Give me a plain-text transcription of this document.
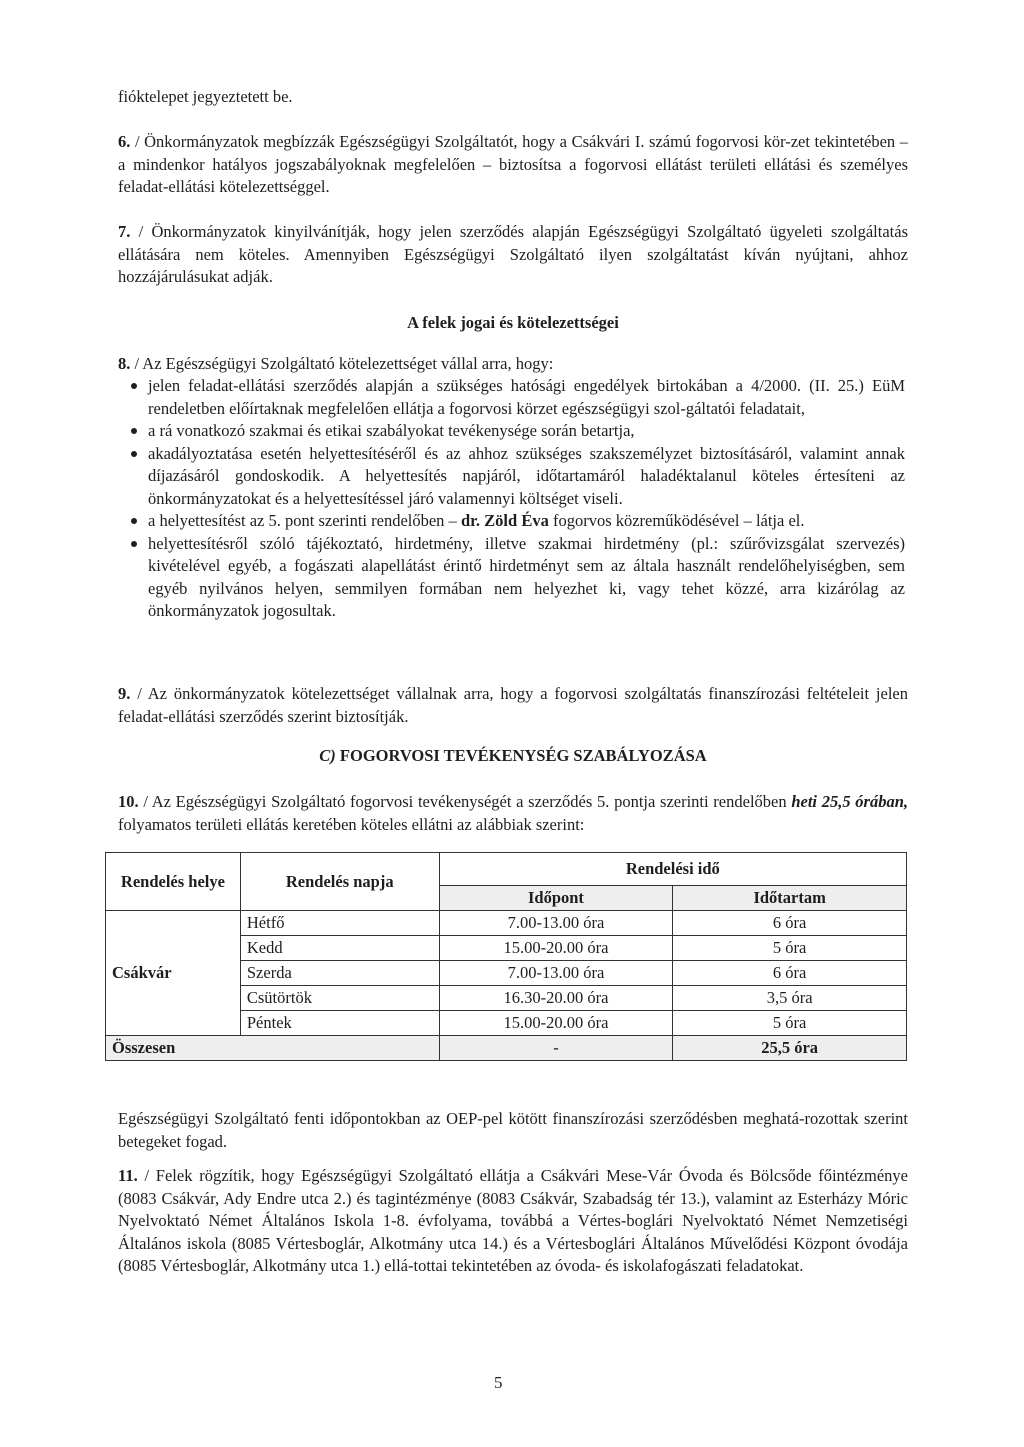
fióktelepet jegyeztetett be.

6. / Önkormányzatok megbízzák Egészségügyi Szolgáltatót, hogy a Csákvári I. számú fogorvosi kör-zet tekintetében – a mindenkor hatályos jogszabályoknak megfelelően – biztosítsa a fogorvosi ellátást területi ellátási és személyes feladat-ellátási kötelezettséggel.

7. / Önkormányzatok kinyilvánítják, hogy jelen szerződés alapján Egészségügyi Szolgáltató ügyeleti szolgáltatás ellátására nem köteles. Amennyiben Egészségügyi Szolgáltató ilyen szolgáltatást kíván nyújtani, ahhoz hozzájárulásukat adják.

A felek jogai és kötelezettségei

8. / Az Egészségügyi Szolgáltató kötelezettséget vállal arra, hogy:

jelen feladat-ellátási szerződés alapján a szükséges hatósági engedélyek birtokában a 4/2000. (II. 25.) EüM rendeletben előírtaknak megfelelően ellátja a fogorvosi körzet egészségügyi szol-gáltatói feladatait,
a rá vonatkozó szakmai és etikai szabályokat tevékenysége során betartja,
akadályoztatása esetén helyettesítéséről és az ahhoz szükséges szakszemélyzet biztosításáról, valamint annak díjazásáról gondoskodik. A helyettesítés napjáról, időtartamáról haladéktalanul köteles értesíteni az önkormányzatokat és a helyettesítéssel járó valamennyi költséget viseli.
a helyettesítést az 5. pont szerinti rendelőben – dr. Zöld Éva fogorvos közreműködésével – látja el.
helyettesítésről szóló tájékoztató, hirdetmény, illetve szakmai hirdetmény (pl.: szűrővizsgálat szervezés) kivételével egyéb, a fogászati alapellátást érintő hirdetményt sem az általa használt rendelőhelyiségben, sem egyéb nyilvános helyen, semmilyen formában nem helyezhet ki, vagy tehet közzé, arra kizárólag az önkormányzatok jogosultak.

9. / Az önkormányzatok kötelezettséget vállalnak arra, hogy a fogorvosi szolgáltatás finanszírozási feltételeit jelen feladat-ellátási szerződés szerint biztosítják.

C) FOGORVOSI TEVÉKENYSÉG SZABÁLYOZÁSA

10. / Az Egészségügyi Szolgáltató fogorvosi tevékenységét a szerződés 5. pontja szerinti rendelőben heti 25,5 órában, folyamatos területi ellátás keretében köteles ellátni az alábbiak szerint:

Rendelés helye	Rendelés napja	Rendelési idő	
		Időpont	Időtartam
Csákvár	Hétfő	7.00-13.00 óra	6 óra
	Kedd	15.00-20.00 óra	5 óra
	Szerda	7.00-13.00 óra	6 óra
	Csütörtök	16.30-20.00 óra	3,5 óra
	Péntek	15.00-20.00 óra	5 óra
Összesen		-	25,5 óra

Egészségügyi Szolgáltató fenti időpontokban az OEP-pel kötött finanszírozási szerződésben meghatá-rozottak szerint betegeket fogad.

11. / Felek rögzítik, hogy Egészségügyi Szolgáltató ellátja a Csákvári Mese-Vár Óvoda és Bölcsőde főintézménye (8083 Csákvár, Ady Endre utca 2.) és tagintézménye (8083 Csákvár, Szabadság tér 13.), valamint az Esterházy Móric Nyelvoktató Német Általános Iskola 1-8. évfolyama, továbbá a Vértes-boglári Nyelvoktató Német Nemzetiségi Általános iskola (8085 Vértesboglár, Alkotmány utca 14.) és a Vértesboglári Általános Művelődési Központ óvodája (8085 Vértesboglár, Alkotmány utca 1.) ellá-tottai tekintetében az óvoda- és iskolafogászati feladatokat.

5
